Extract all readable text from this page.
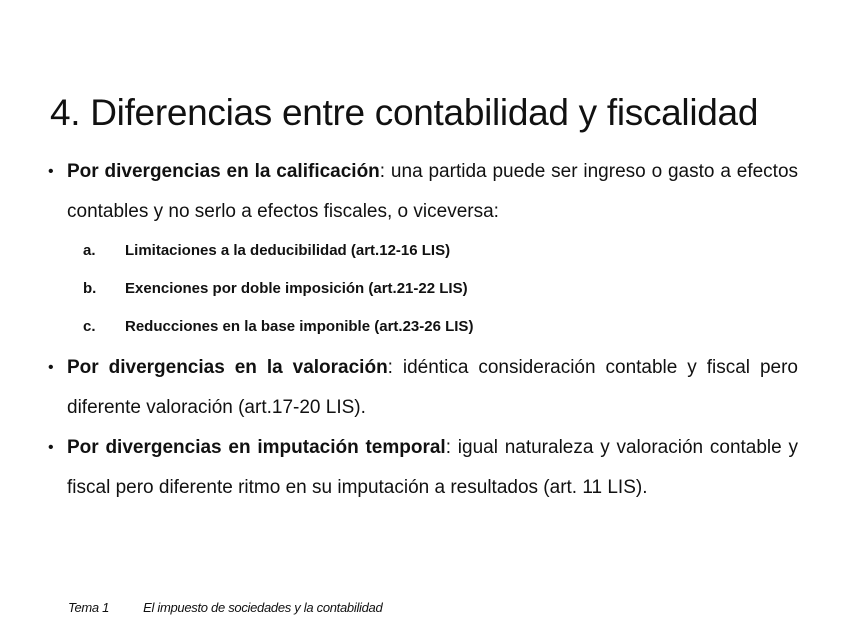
4. Diferencias entre contabilidad y fiscalidad

• Por divergencias en la calificación: una partida puede ser ingreso o gasto a efectos contables y no serlo a efectos fiscales, o viceversa:

a. Limitaciones a la deducibilidad (art.12-16 LIS)
b. Exenciones por doble imposición (art.21-22 LIS)
c. Reducciones en la base imponible (art.23-26 LIS)

• Por divergencias en la valoración: idéntica consideración contable y fiscal pero diferente valoración (art.17-20 LIS).

• Por divergencias en imputación temporal: igual naturaleza y valoración contable y fiscal pero diferente ritmo en su imputación a resultados (art. 11 LIS).

Tema 1	El impuesto de sociedades y la contabilidad
